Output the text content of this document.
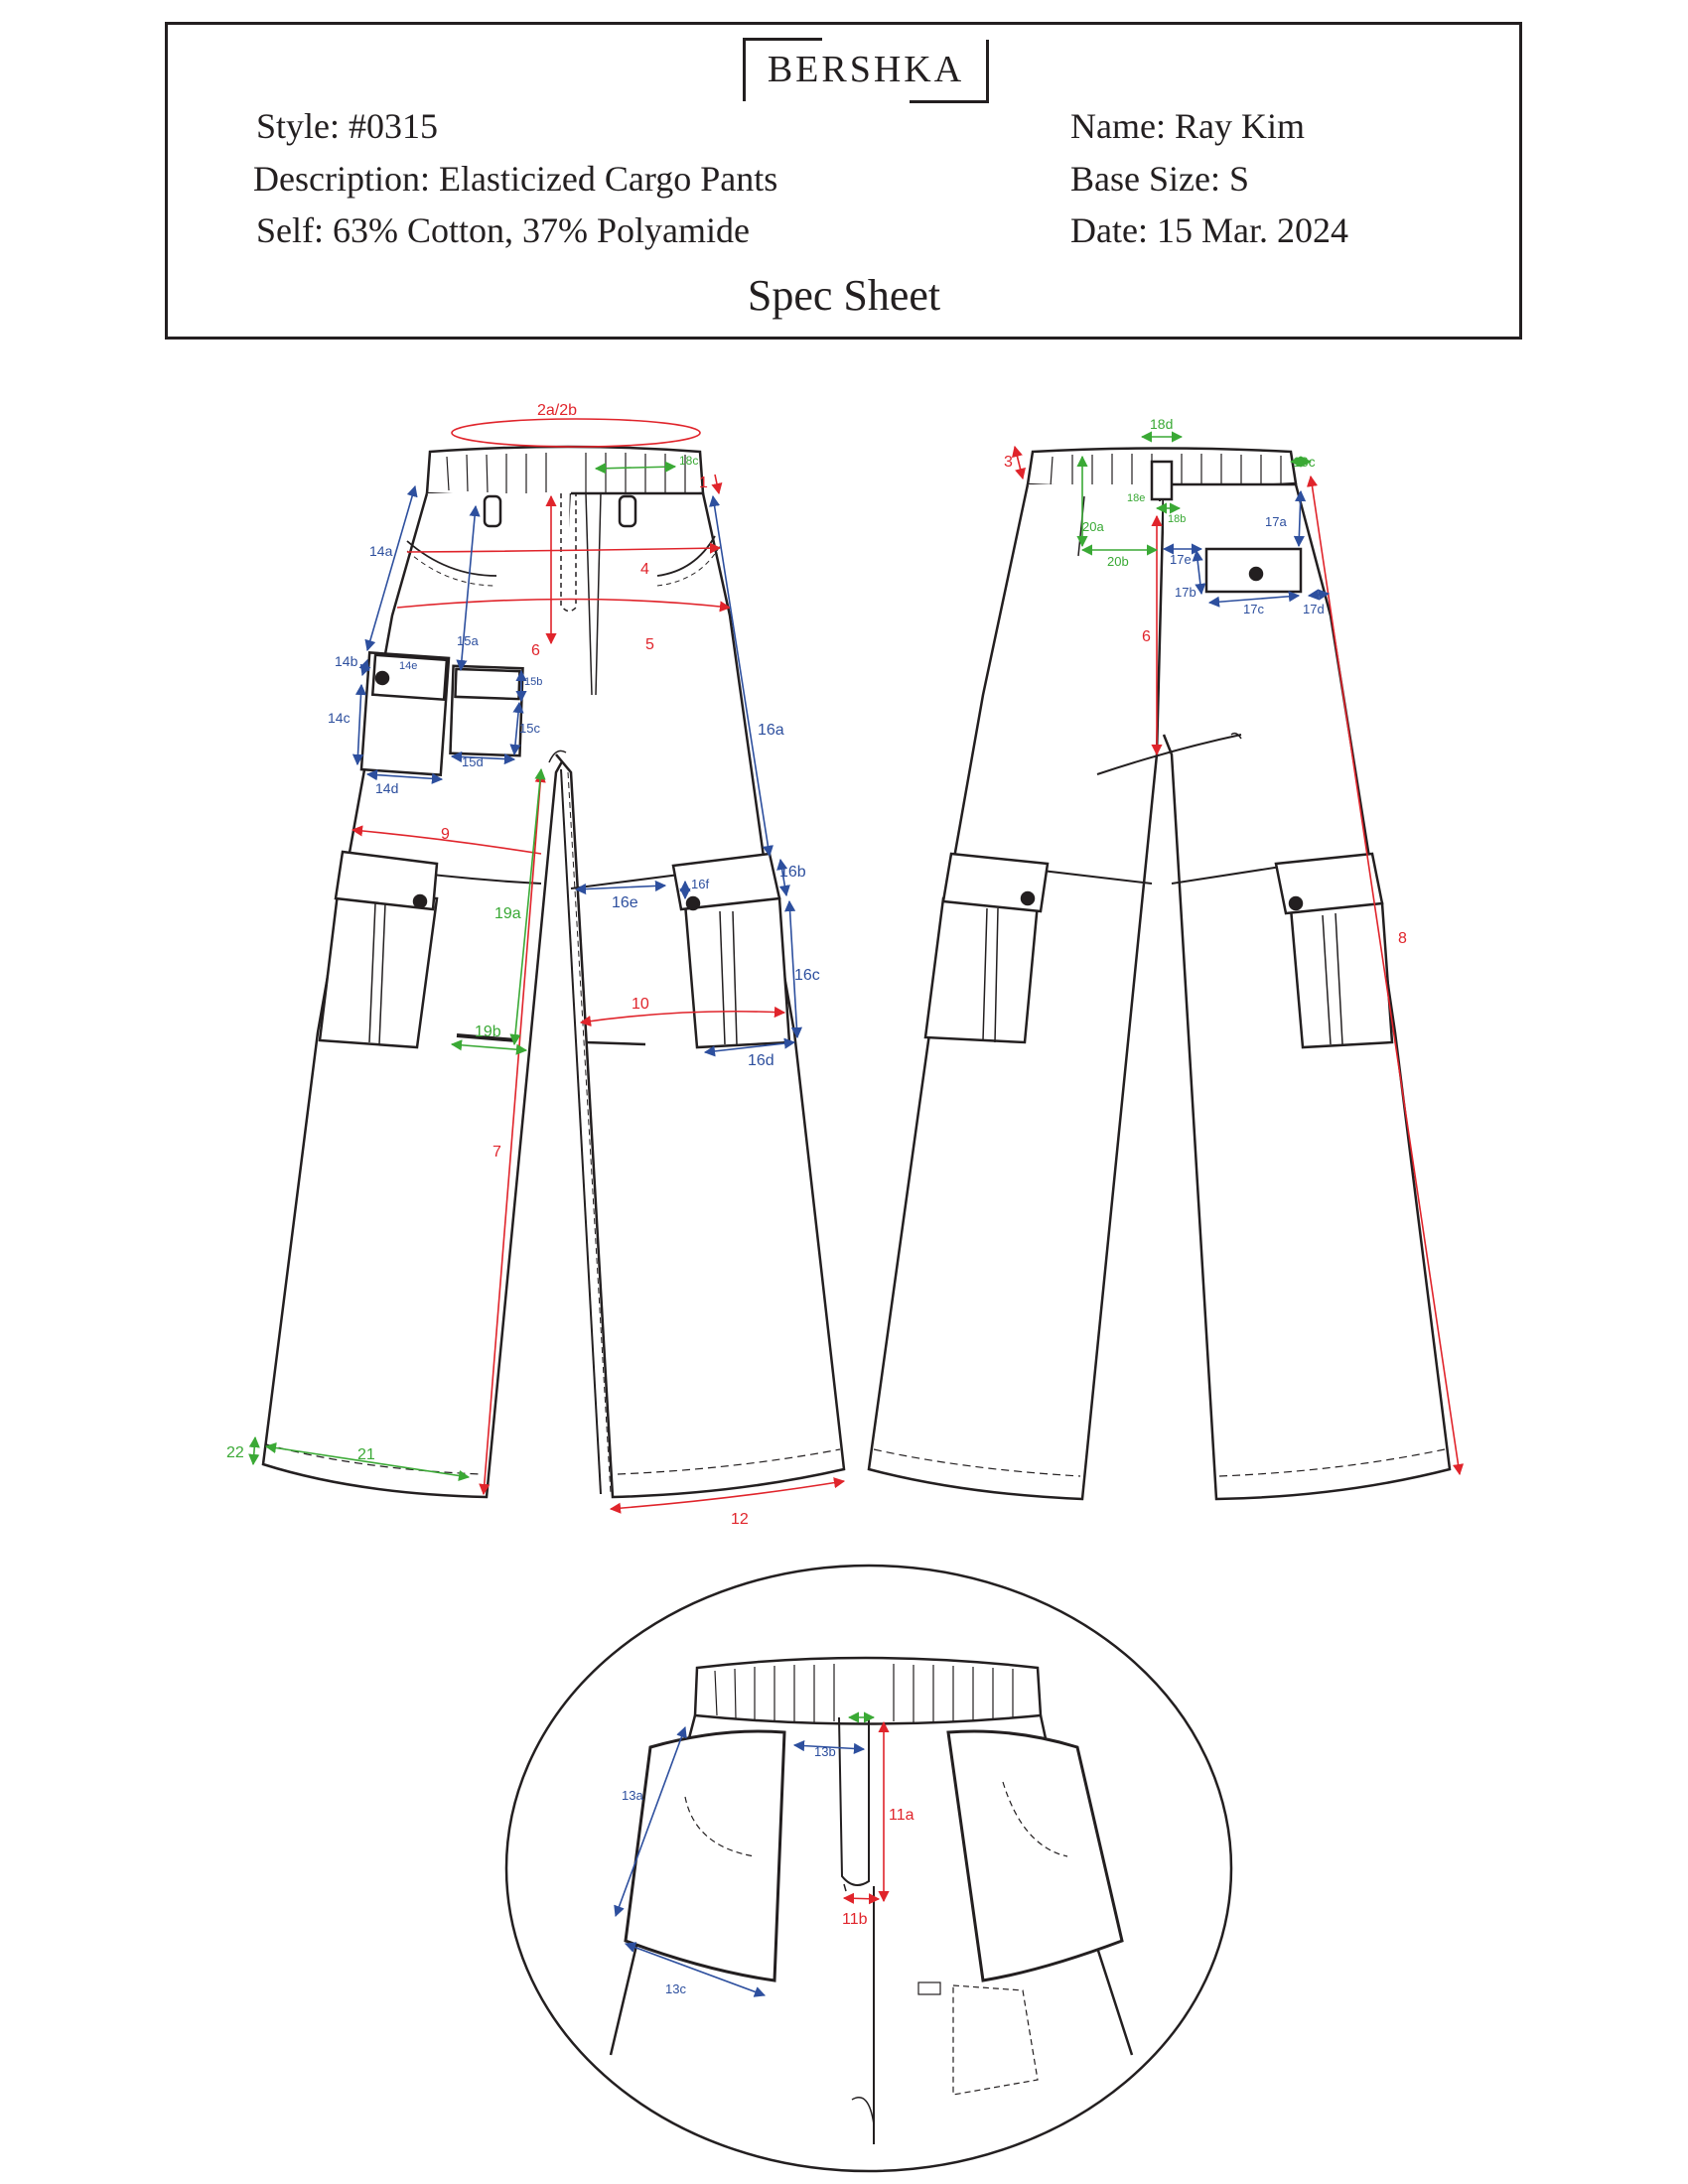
BERSHKA
Style: #0315
Description: Elasticized Cargo Pants
Self: 63% Cotton, 37% Polyamide
Name: Ray Kim
Base Size: S
Date: 15 Mar. 2024
Spec Sheet
2a/2b
1
4
5
6
9
10
7
12
14a
14b
14c
14d
14e
15a
15b
15c
15d
16a
16b
16c
16d
16e
16f
19a
19b
21
22
18c	3
8
6
18d
18c
18e
18b
20a
20b
17a
17b
17c	17d
17e
13a
13b
13c
11a
11b
